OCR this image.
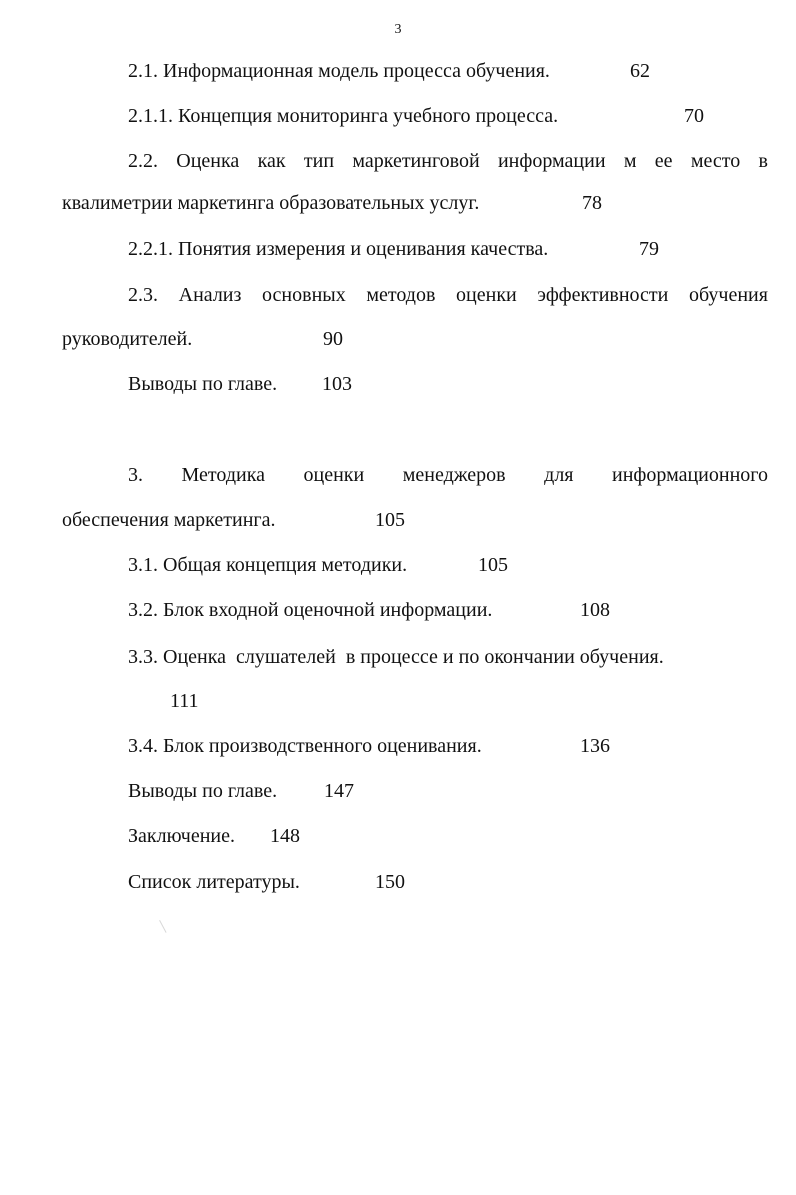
3
2.1. Информационная модель процесса обучения.	62
2.1.1. Концепция мониторинга учебного процесса.	70
2.2. Оценка как тип маркетинговой информации м ее место в
квалиметрии маркетинга образовательных услуг.	78
2.2.1. Понятия измерения и оценивания качества.	79
2.3. Анализ основных методов оценки эффективности обучения
руководителей.	90
Выводы по главе. 103
3. Методика оценки менеджеров для информационного
обеспечения маркетинга.	105
3.1. Общая концепция методики.	105
3.2. Блок входной оценочной информации.	108
3.3. Оценка  слушателей  в процессе и по окончании обучения.
111
3.4. Блок производственного оценивания.	136
Выводы по главе. 147
Заключение. 148
Список литературы.	150
